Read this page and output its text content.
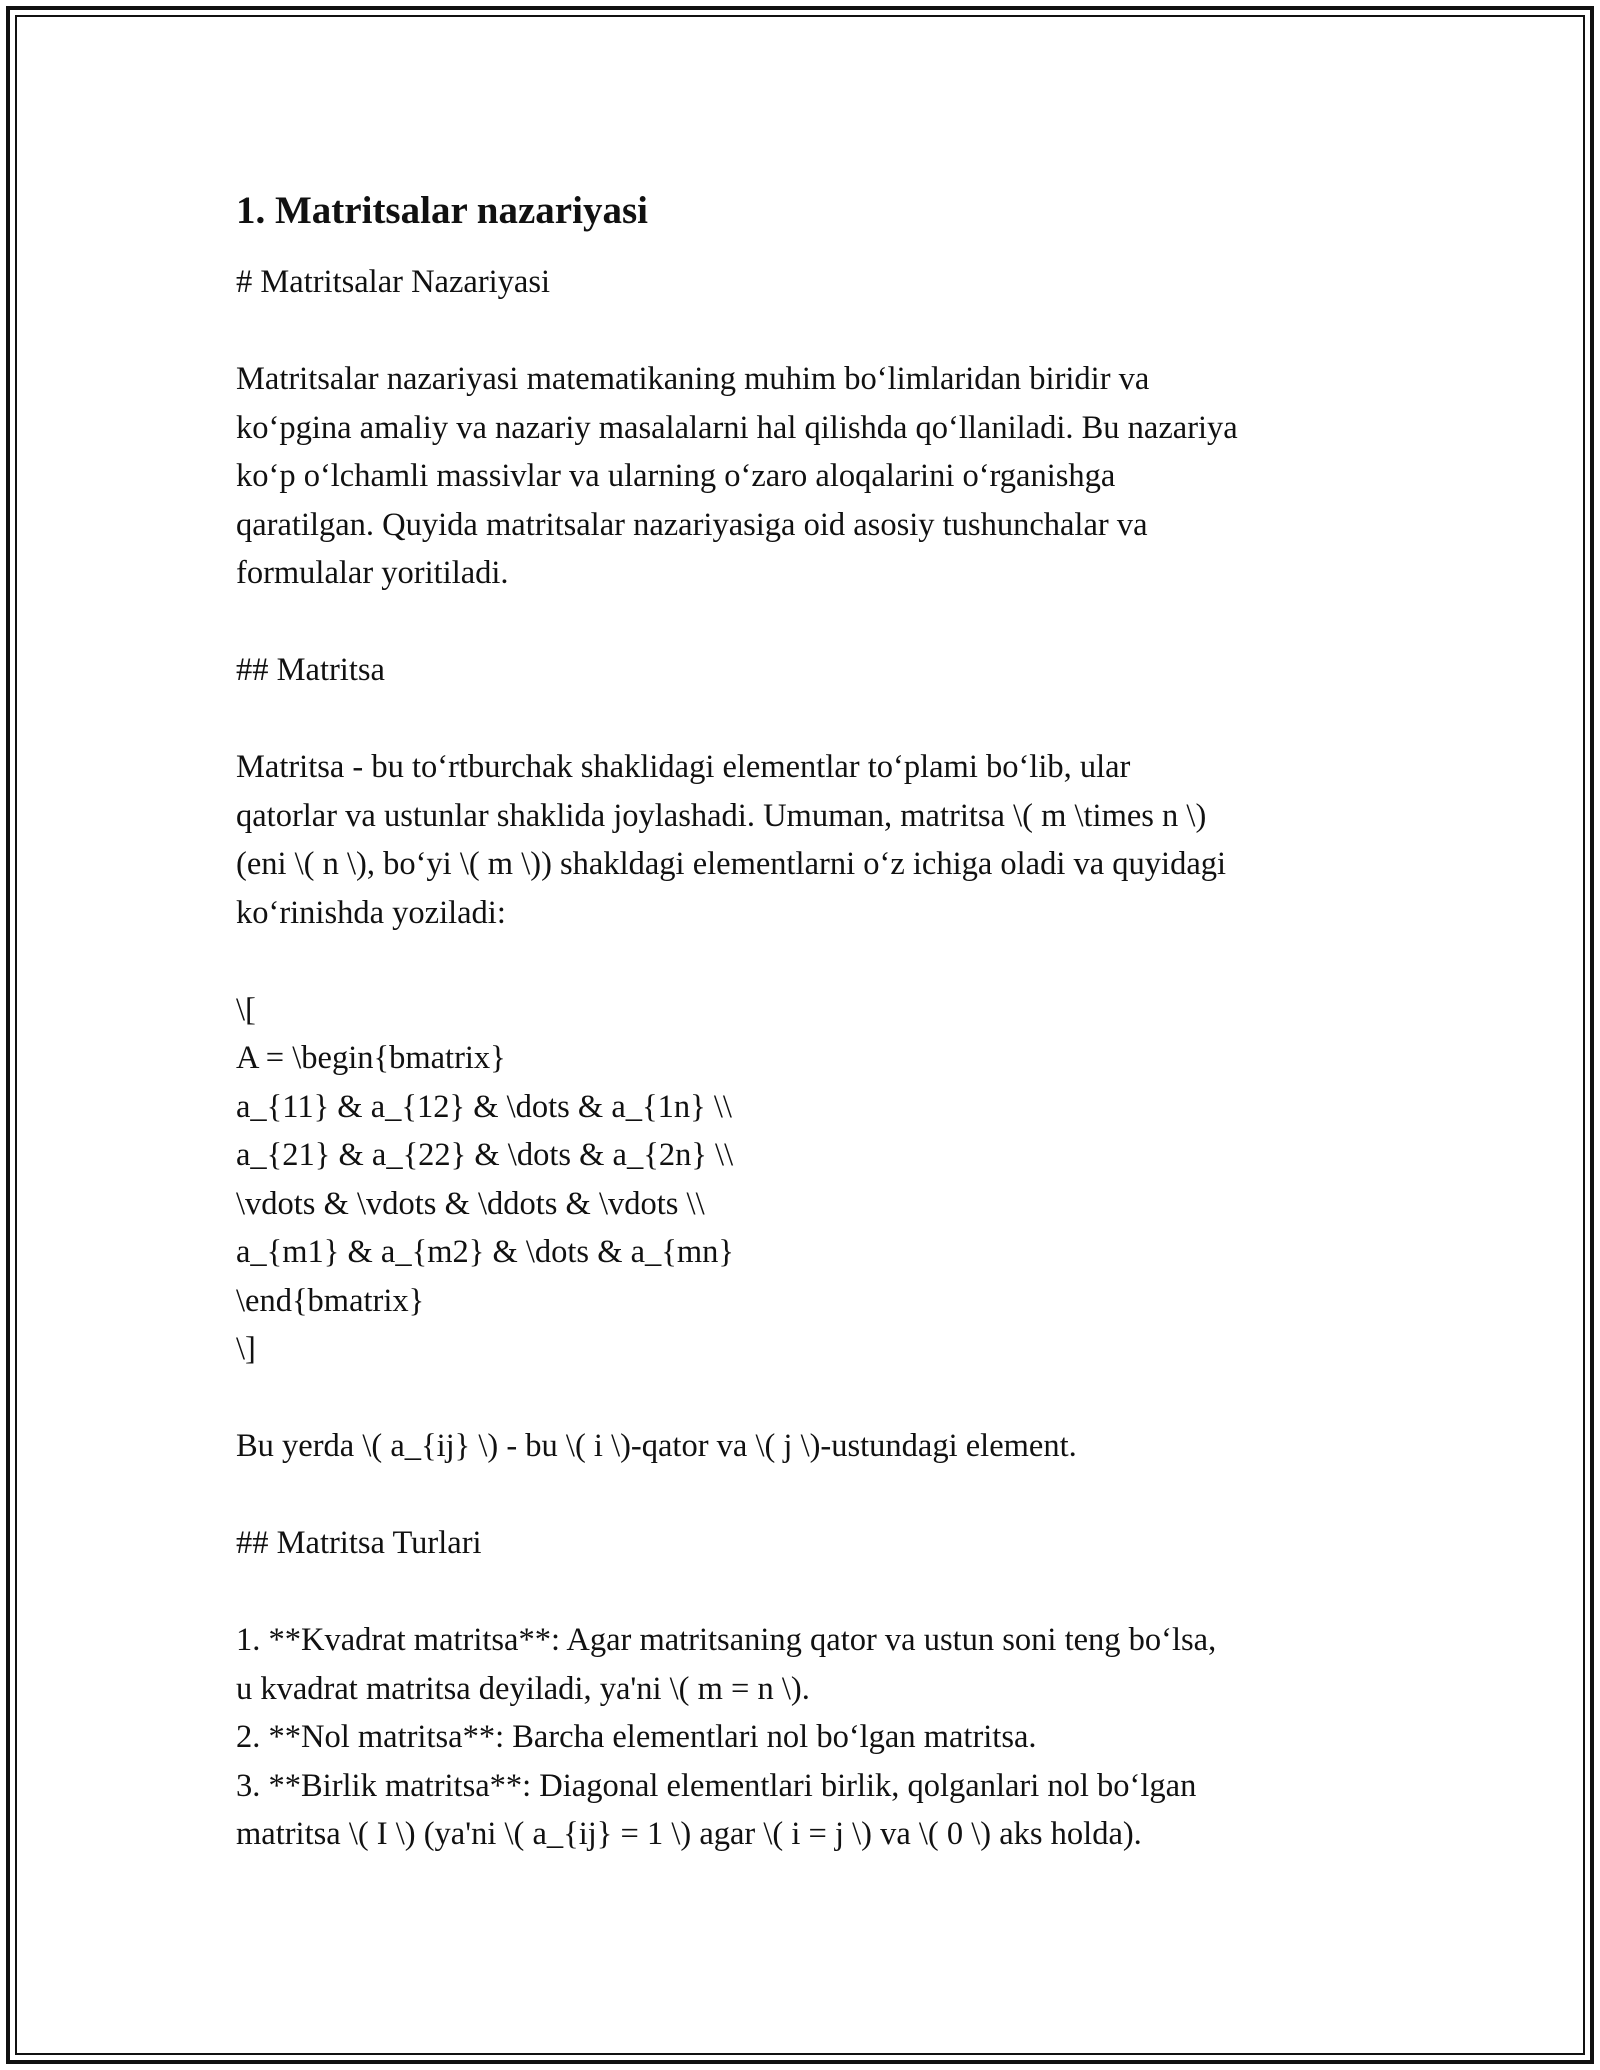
1. Matritsalar nazariyasi
# Matritsalar Nazariyasi
Matritsalar nazariyasi matematikaning muhim bo‘limlaridan biridir va
ko‘pgina amaliy va nazariy masalalarni hal qilishda qo‘llaniladi. Bu nazariya
ko‘p o‘lchamli massivlar va ularning o‘zaro aloqalarini o‘rganishga
qaratilgan. Quyida matritsalar nazariyasiga oid asosiy tushunchalar va
formulalar yoritiladi.
## Matritsa
Matritsa - bu to‘rtburchak shaklidagi elementlar to‘plami bo‘lib, ular
qatorlar va ustunlar shaklida joylashadi. Umuman, matritsa \( m \times n \)
(eni \( n \), bo‘yi \( m \)) shakldagi elementlarni o‘z ichiga oladi va quyidagi
ko‘rinishda yoziladi:
\[
A = \begin{bmatrix}
a_{11} & a_{12} & \dots & a_{1n} \\
a_{21} & a_{22} & \dots & a_{2n} \\
\vdots & \vdots & \ddots & \vdots \\
a_{m1} & a_{m2} & \dots & a_{mn}
\end{bmatrix}
\]
Bu yerda \( a_{ij} \) - bu \( i \)-qator va \( j \)-ustundagi element.
## Matritsa Turlari
1. **Kvadrat matritsa**: Agar matritsaning qator va ustun soni teng bo‘lsa,
u kvadrat matritsa deyiladi, ya'ni \( m = n \).
2. **Nol matritsa**: Barcha elementlari nol bo‘lgan matritsa.
3. **Birlik matritsa**: Diagonal elementlari birlik, qolganlari nol bo‘lgan
matritsa \( I \) (ya'ni \( a_{ij} = 1 \) agar \( i = j \) va \( 0 \) aks holda).
